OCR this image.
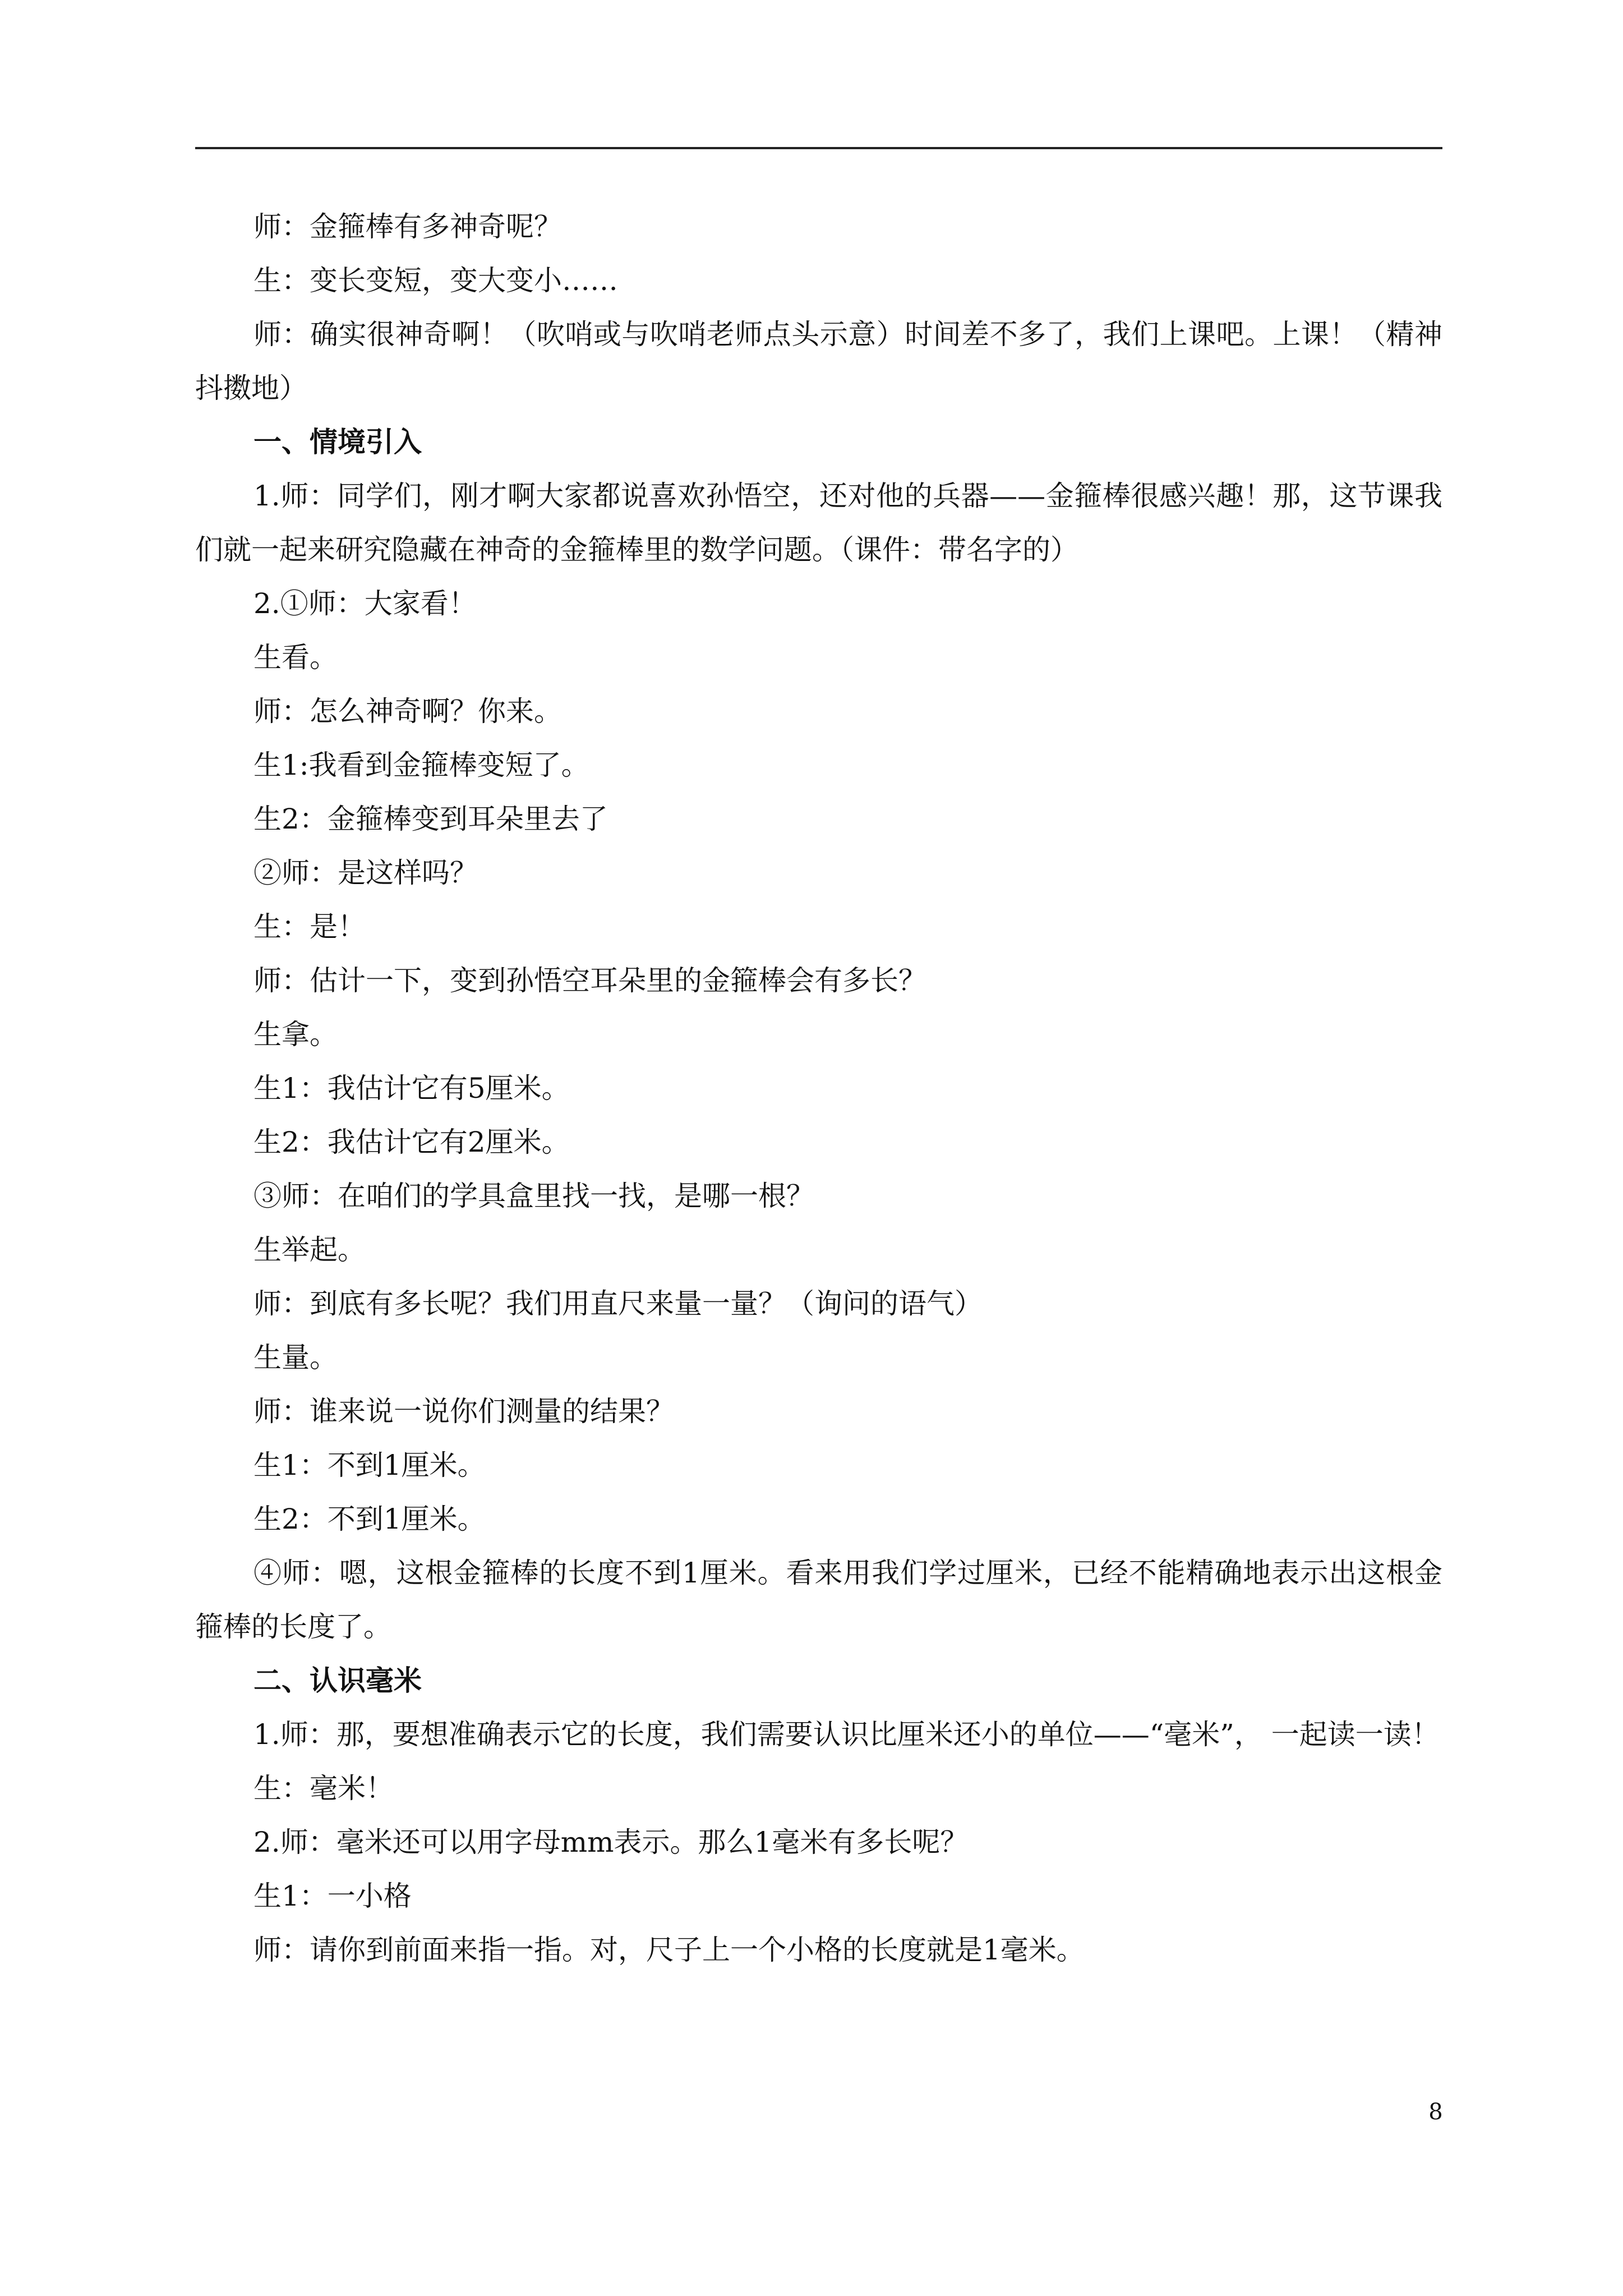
师：金箍棒有多神奇呢？

生：变长变短，变大变小……

师：确实很神奇啊！（吹哨或与吹哨老师点头示意）时间差不多了，我们上课吧。上课！（精神抖擞地）

一、情境引入

1.师：同学们，刚才啊大家都说喜欢孙悟空，还对他的兵器——金箍棒很感兴趣！那，这节课我们就一起来研究隐藏在神奇的金箍棒里的数学问题。（课件：带名字的）

2.①师：大家看！

生看。

师：怎么神奇啊？你来。

生1:我看到金箍棒变短了。

生2：金箍棒变到耳朵里去了

②师：是这样吗？

生：是！

师：估计一下，变到孙悟空耳朵里的金箍棒会有多长？

生拿。

生1：我估计它有5厘米。

生2：我估计它有2厘米。

③师：在咱们的学具盒里找一找，是哪一根？

生举起。

师：到底有多长呢？我们用直尺来量一量？（询问的语气）

生量。

师：谁来说一说你们测量的结果？

生1：不到1厘米。

生2：不到1厘米。

④师：嗯，这根金箍棒的长度不到1厘米。看来用我们学过厘米，已经不能精确地表示出这根金箍棒的长度了。

二、认识毫米

1.师：那，要想准确表示它的长度，我们需要认识比厘米还小的单位——“毫米”， 一起读一读！

生：毫米！

2.师：毫米还可以用字母mm表示。那么1毫米有多长呢？

生1：一小格

师：请你到前面来指一指。对，尺子上一个小格的长度就是1毫米。

8
